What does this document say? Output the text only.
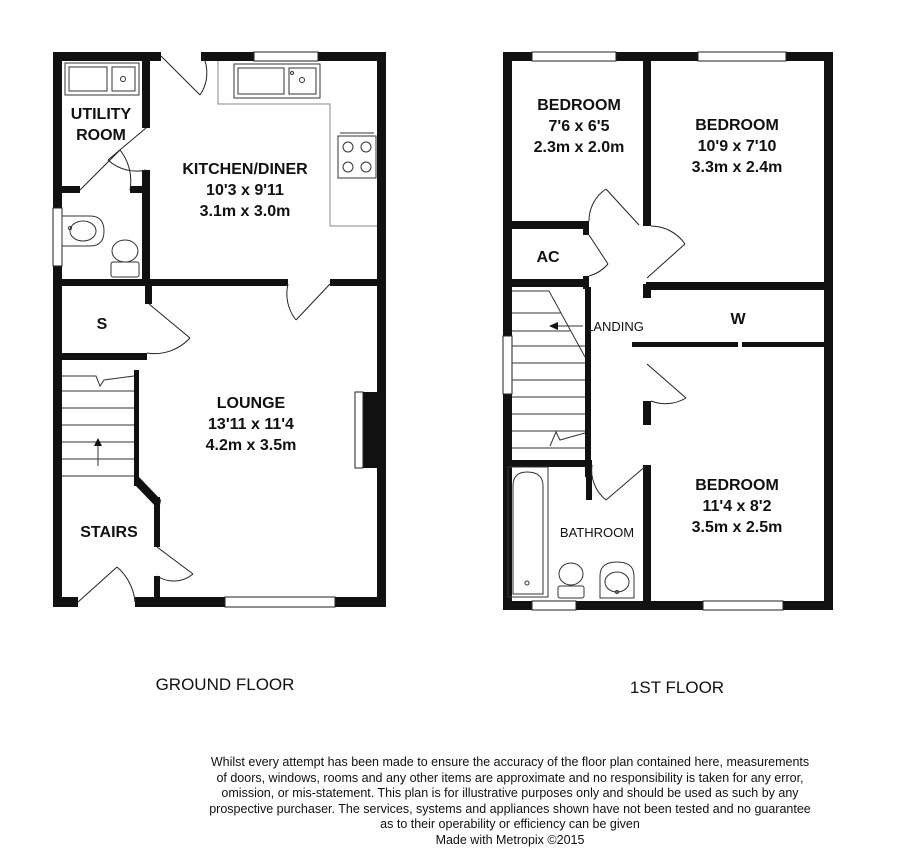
UTILITY
ROOM
KITCHEN/DINER
10'3 x 9'11
3.1m x 3.0m
S
LOUNGE
13'11 x 11'4
4.2m x 3.5m
STAIRS
GROUND FLOOR
BEDROOM
7'6 x 6'5
2.3m x 2.0m
BEDROOM
10'9 x 7'10
3.3m x 2.4m
AC
LANDING	W
BATHROOM
BEDROOM
11'4 x 8'2
3.5m x 2.5m
1ST FLOOR
Whilst every attempt has been made to ensure the accuracy of the floor plan contained here, measurements
of doors, windows, rooms and any other items are approximate and no responsibility is taken for any error,
omission, or mis-statement. This plan is for illustrative purposes only and should be used as such by any
prospective purchaser. The services, systems and appliances shown have not been tested and no guarantee
as to their operability or efficiency can be given
Made with Metropix ©2015
